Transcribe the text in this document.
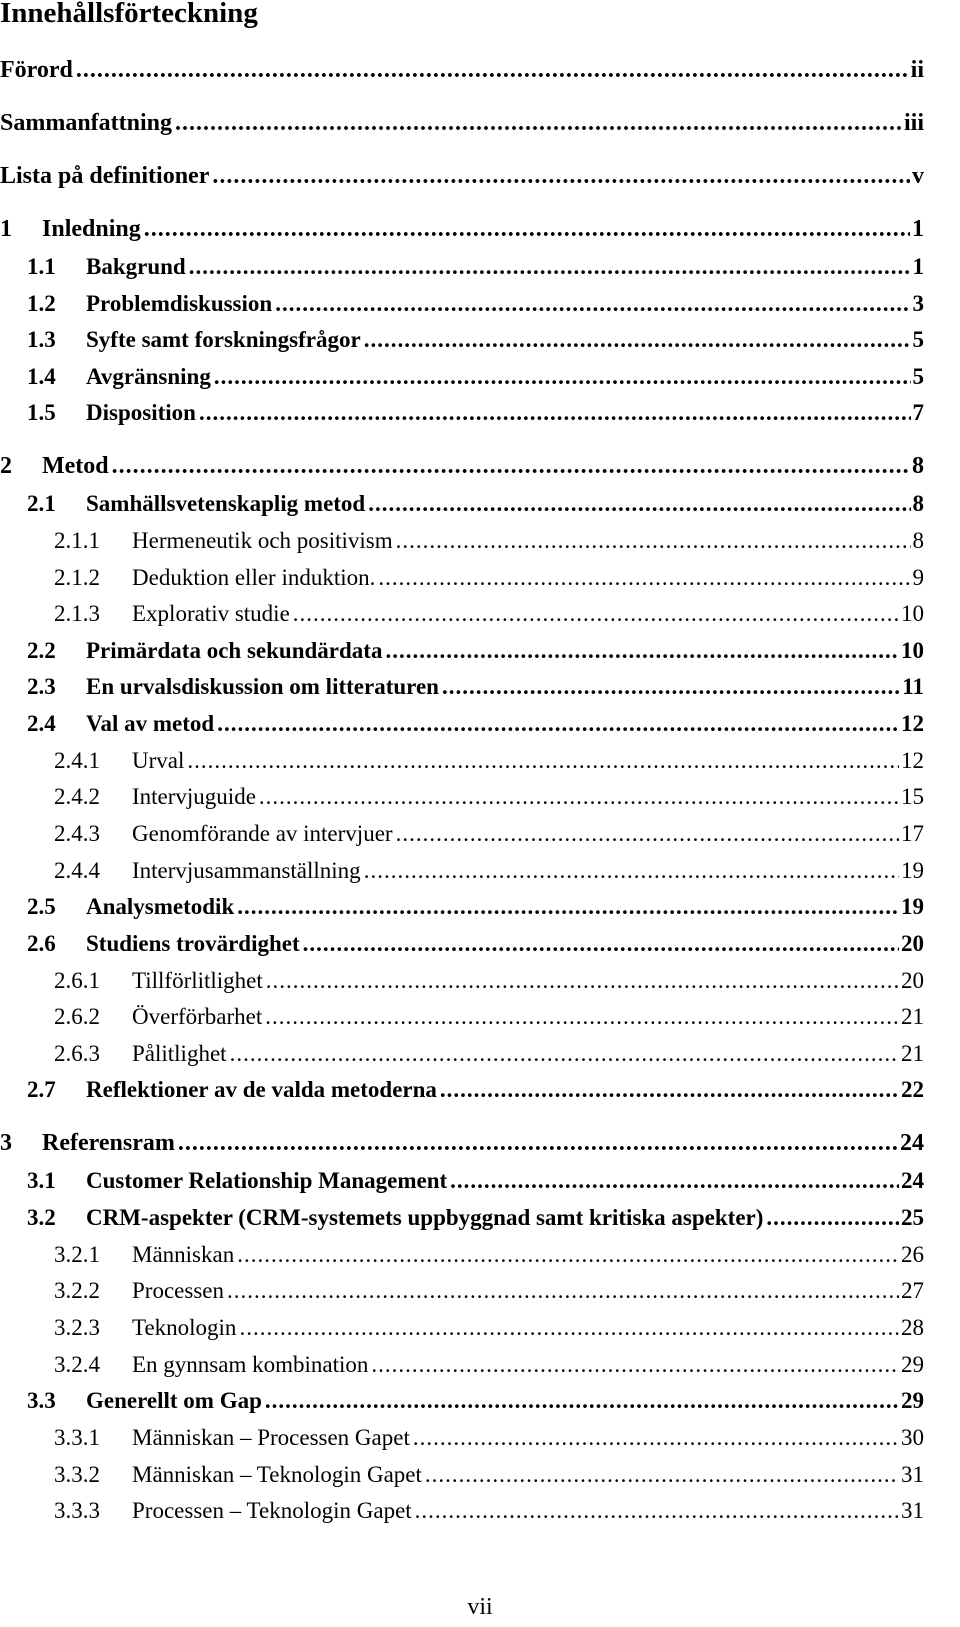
Innehållsförteckning
Förord .....	ii
Sammanfattning .....	iii
Lista på definitioner .....	v
1	Inledning .....	1
1.1	Bakgrund .....	1
1.2	Problemdiskussion .....	3
1.3	Syfte samt forskningsfrågor .....	5
1.4	Avgränsning .....	5
1.5	Disposition .....	7
2	Metod .....	8
2.1	Samhällsvetenskaplig metod .....	8
2.1.1	Hermeneutik och positivism .....	8
2.1.2	Deduktion eller induktion. .....	9
2.1.3	Explorativ studie .....	10
2.2	Primärdata och sekundärdata .....	10
2.3	En urvalsdiskussion om litteraturen .....	11
2.4	Val av metod .....	12
2.4.1	Urval .....	12
2.4.2	Intervjuguide .....	15
2.4.3	Genomförande av intervjuer .....	17
2.4.4	Intervjusammanställning .....	19
2.5	Analysmetodik .....	19
2.6	Studiens trovärdighet .....	20
2.6.1	Tillförlitlighet .....	20
2.6.2	Överförbarhet .....	21
2.6.3	Pålitlighet .....	21
2.7	Reflektioner av de valda metoderna .....	22
3	Referensram .....	24
3.1	Customer Relationship Management .....	24
3.2	CRM-aspekter (CRM-systemets uppbyggnad samt kritiska aspekter) .....	25
3.2.1	Människan .....	26
3.2.2	Processen .....	27
3.2.3	Teknologin .....	28
3.2.4	En gynnsam kombination .....	29
3.3	Generellt om Gap .....	29
3.3.1	Människan – Processen Gapet .....	30
3.3.2	Människan – Teknologin Gapet .....	31
3.3.3	Processen – Teknologin Gapet .....	31
vii
